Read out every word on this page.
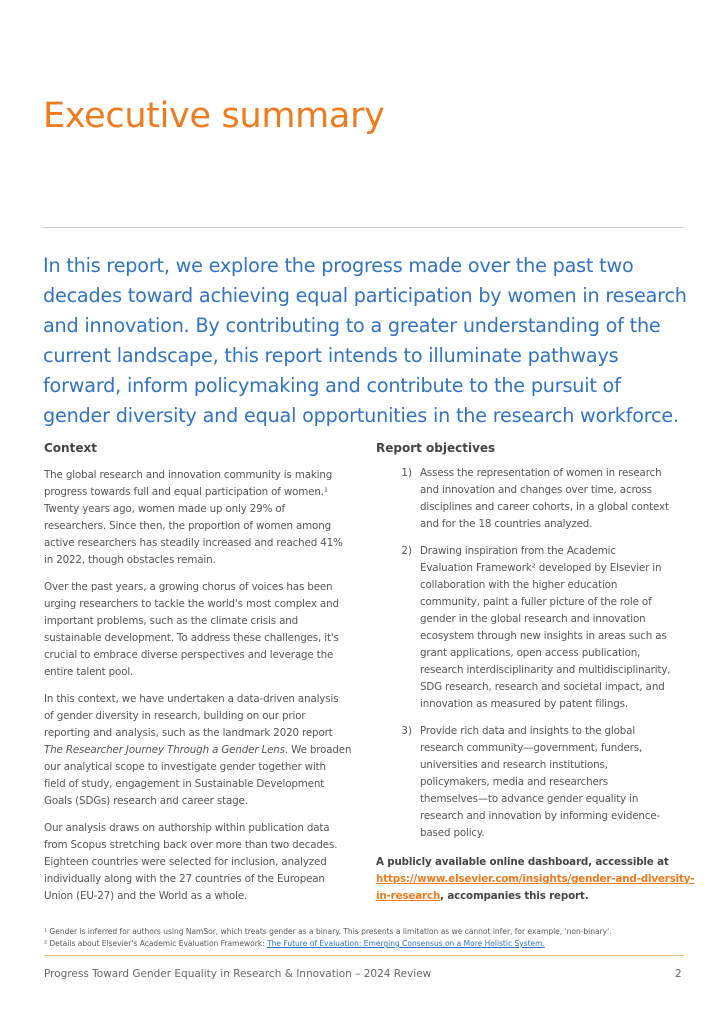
Executive summary

In this report, we explore the progress made over the past two
decades toward achieving equal participation by women in research
and innovation. By contributing to a greater understanding of the
current landscape, this report intends to illuminate pathways
forward, inform policymaking and contribute to the pursuit of
gender diversity and equal opportunities in the research workforce.

Context

The global research and innovation community is making
progress towards full and equal participation of women.¹
Twenty years ago, women made up only 29% of
researchers. Since then, the proportion of women among
active researchers has steadily increased and reached 41%
in 2022, though obstacles remain.

Over the past years, a growing chorus of voices has been
urging researchers to tackle the world's most complex and
important problems, such as the climate crisis and
sustainable development. To address these challenges, it's
crucial to embrace diverse perspectives and leverage the
entire talent pool.

In this context, we have undertaken a data-driven analysis
of gender diversity in research, building on our prior
reporting and analysis, such as the landmark 2020 report
The Researcher Journey Through a Gender Lens. We broaden
our analytical scope to investigate gender together with
field of study, engagement in Sustainable Development
Goals (SDGs) research and career stage.

Our analysis draws on authorship within publication data
from Scopus stretching back over more than two decades.
Eighteen countries were selected for inclusion, analyzed
individually along with the 27 countries of the European
Union (EU-27) and the World as a whole.

Report objectives
1) Assess the representation of women in research
and innovation and changes over time, across
disciplines and career cohorts, in a global context
and for the 18 countries analyzed.
2) Drawing inspiration from the Academic
Evaluation Framework² developed by Elsevier in
collaboration with the higher education
community, paint a fuller picture of the role of
gender in the global research and innovation
ecosystem through new insights in areas such as
grant applications, open access publication,
research interdisciplinarity and multidisciplinarity,
SDG research, research and societal impact, and
innovation as measured by patent filings.
3) Provide rich data and insights to the global
research community—government, funders,
universities and research institutions,
policymakers, media and researchers
themselves—to advance gender equality in
research and innovation by informing evidence-
based policy.

A publicly available online dashboard, accessible at
https://www.elsevier.com/insights/gender-and-diversity-
in-research, accompanies this report.

¹ Gender is inferred for authors using NamSor, which treats gender as a binary. This presents a limitation as we cannot infer, for example, 'non-binary'.
² Details about Elsevier's Academic Evaluation Framework: The Future of Evaluation: Emerging Consensus on a More Holistic System.
Progress Toward Gender Equality in Research & Innovation – 2024 Review	2
